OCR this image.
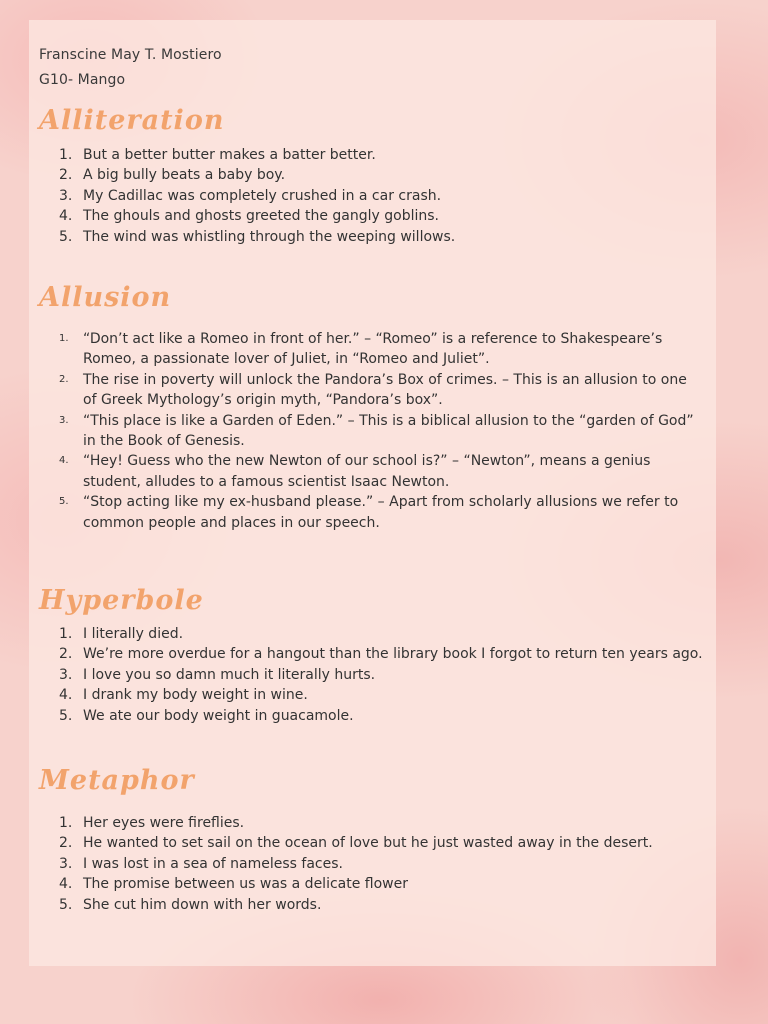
Franscine May T. Mostiero
G10- Mango
Alliteration
1. But a better butter makes a batter better.
2. A big bully beats a baby boy.
3. My Cadillac was completely crushed in a car crash.
4. The ghouls and ghosts greeted the gangly goblins.
5. The wind was whistling through the weeping willows.
Allusion
1. “Don’t act like a Romeo in front of her.” – “Romeo” is a reference to Shakespeare’s Romeo, a passionate lover of Juliet, in “Romeo and Juliet”.
2. The rise in poverty will unlock the Pandora’s Box of crimes. – This is an allusion to one of Greek Mythology’s origin myth, “Pandora’s box”.
3. “This place is like a Garden of Eden.” – This is a biblical allusion to the “garden of God” in the Book of Genesis.
4. “Hey! Guess who the new Newton of our school is?” – “Newton”, means a genius student, alludes to a famous scientist Isaac Newton.
5. “Stop acting like my ex-husband please.” – Apart from scholarly allusions we refer to common people and places in our speech.
Hyperbole
1. I literally died.
2. We’re more overdue for a hangout than the library book I forgot to return ten years ago.
3. I love you so damn much it literally hurts.
4. I drank my body weight in wine.
5. We ate our body weight in guacamole.
Metaphor
1. Her eyes were fireflies.
2. He wanted to set sail on the ocean of love but he just wasted away in the desert.
3. I was lost in a sea of nameless faces.
4. The promise between us was a delicate flower
5. She cut him down with her words.
